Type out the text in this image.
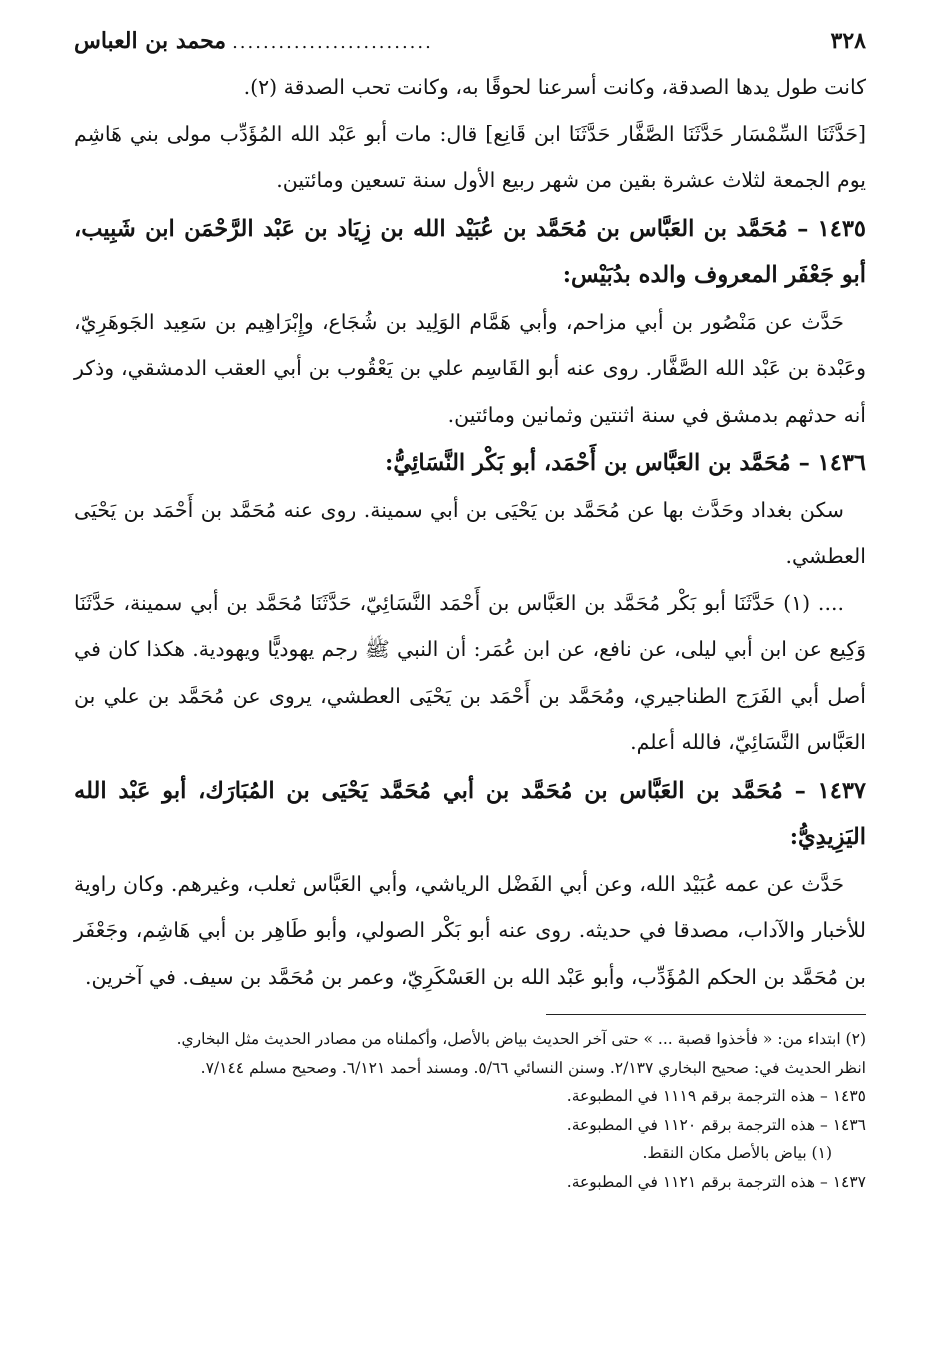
٣٢٨
..........................
محمد بن العباس

كانت طول يدها الصدقة، وكانت أسرعنا لحوقًا به، وكانت تحب الصدقة (٢).

[حَدَّثَنَا السِّمْسَار حَدَّثَنَا الصَّفَّار حَدَّثَنَا ابن قَانِع] قال: مات أبو عَبْد الله المُؤَدِّب مولى بني هَاشِم يوم الجمعة لثلاث عشرة بقين من شهر ربيع الأول سنة تسعين ومائتين.

١٤٣٥ – مُحَمَّد بن العَبَّاس بن مُحَمَّد بن عُبَيْد الله بن زِيَاد بن عَبْد الرَّحْمَن ابن شَبِيب، أبو جَعْفَر المعروف والده بدُبَيْس:

حَدَّث عن مَنْصُور بن أبي مزاحم، وأبي هَمَّام الوَلِيد بن شُجَاع، وإِبْرَاهِيم بن سَعِيد الجَوهَرِيّ، وعَبْدة بن عَبْد الله الصَّفَّار. روى عنه أبو القَاسِم علي بن يَعْقُوب بن أبي العقب الدمشقي، وذكر أنه حدثهم بدمشق في سنة اثنتين وثمانين ومائتين.

١٤٣٦ – مُحَمَّد بن العَبَّاس بن أَحْمَد، أبو بَكْر النَّسَائِيُّ:

سكن بغداد وحَدَّث بها عن مُحَمَّد بن يَحْيَى بن أبي سمينة. روى عنه مُحَمَّد بن أَحْمَد بن يَحْيَى العطشي.

.... (١) حَدَّثَنَا أبو بَكْر مُحَمَّد بن العَبَّاس بن أَحْمَد النَّسَائِيّ، حَدَّثَنَا مُحَمَّد بن أبي سمينة، حَدَّثَنَا وَكِيع عن ابن أبي ليلى، عن نافع، عن ابن عُمَر: أن النبي ﷺ رجم يهوديًّا ويهودية. هكذا كان في أصل أبي الفَرَج الطناجيري، ومُحَمَّد بن أَحْمَد بن يَحْيَى العطشي، يروى عن مُحَمَّد بن علي بن العَبَّاس النَّسَائِيّ، فالله أعلم.

١٤٣٧ – مُحَمَّد بن العَبَّاس بن مُحَمَّد بن أبي مُحَمَّد يَحْيَى بن المُبَارَك، أبو عَبْد الله اليَزِيدِيُّ:

حَدَّث عن عمه عُبَيْد الله، وعن أبي الفَضْل الرياشي، وأبي العَبَّاس ثعلب، وغيرهم. وكان راوية للأخبار والآداب، مصدقا في حديثه. روى عنه أبو بَكْر الصولي، وأبو طَاهِر بن أبي هَاشِم، وجَعْفَر بن مُحَمَّد بن الحكم المُؤَدِّب، وأبو عَبْد الله بن العَسْكَرِيّ، وعمر بن مُحَمَّد بن سيف. في آخرين.

(٢) ابتداء من: « فأخذوا قصبة ... » حتى آخر الحديث بياض بالأصل، وأكملناه من مصادر الحديث مثل البخاري.
انظر الحديث في: صحيح البخاري ٢/١٣٧. وسنن النسائي ٥/٦٦. ومسند أحمد ٦/١٢١. وصحيح مسلم ٧/١٤٤.
١٤٣٥ – هذه الترجمة برقم ١١١٩ في المطبوعة.
١٤٣٦ – هذه الترجمة برقم ١١٢٠ في المطبوعة.
(١) بياض بالأصل مكان النقط.
١٤٣٧ – هذه الترجمة برقم ١١٢١ في المطبوعة.
